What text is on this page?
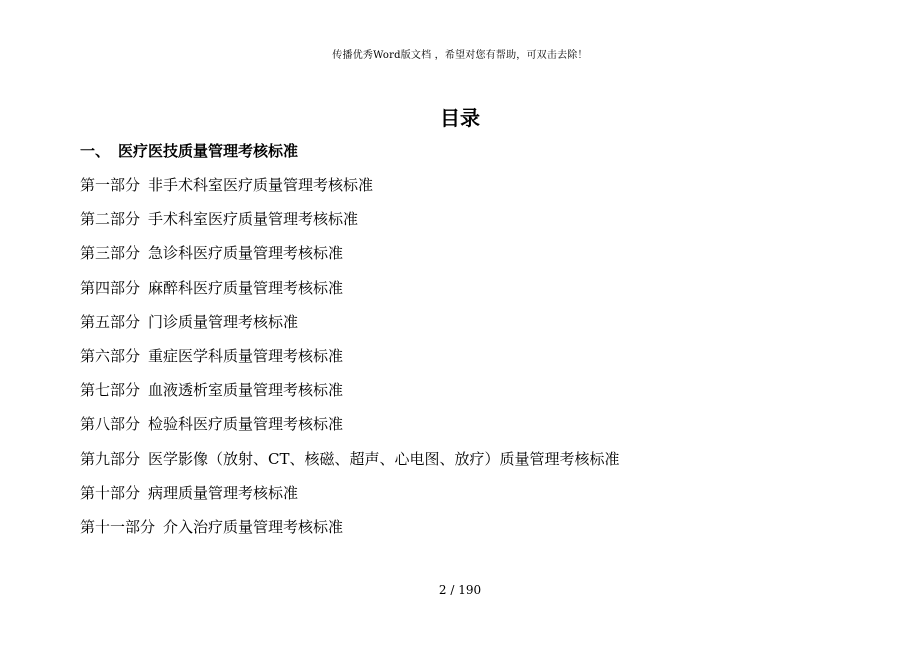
传播优秀Word版文档 ，希望对您有帮助，可双击去除！
目录
一、 医疗医技质量管理考核标准
第一部分 非手术科室医疗质量管理考核标准
第二部分 手术科室医疗质量管理考核标准
第三部分 急诊科医疗质量管理考核标准
第四部分 麻醉科医疗质量管理考核标准
第五部分 门诊质量管理考核标准
第六部分 重症医学科质量管理考核标准
第七部分 血液透析室质量管理考核标准
第八部分 检验科医疗质量管理考核标准
第九部分 医学影像（放射、CT、核磁、超声、心电图、放疗）质量管理考核标准
第十部分 病理质量管理考核标准
第十一部分 介入治疗质量管理考核标准
2 / 190
